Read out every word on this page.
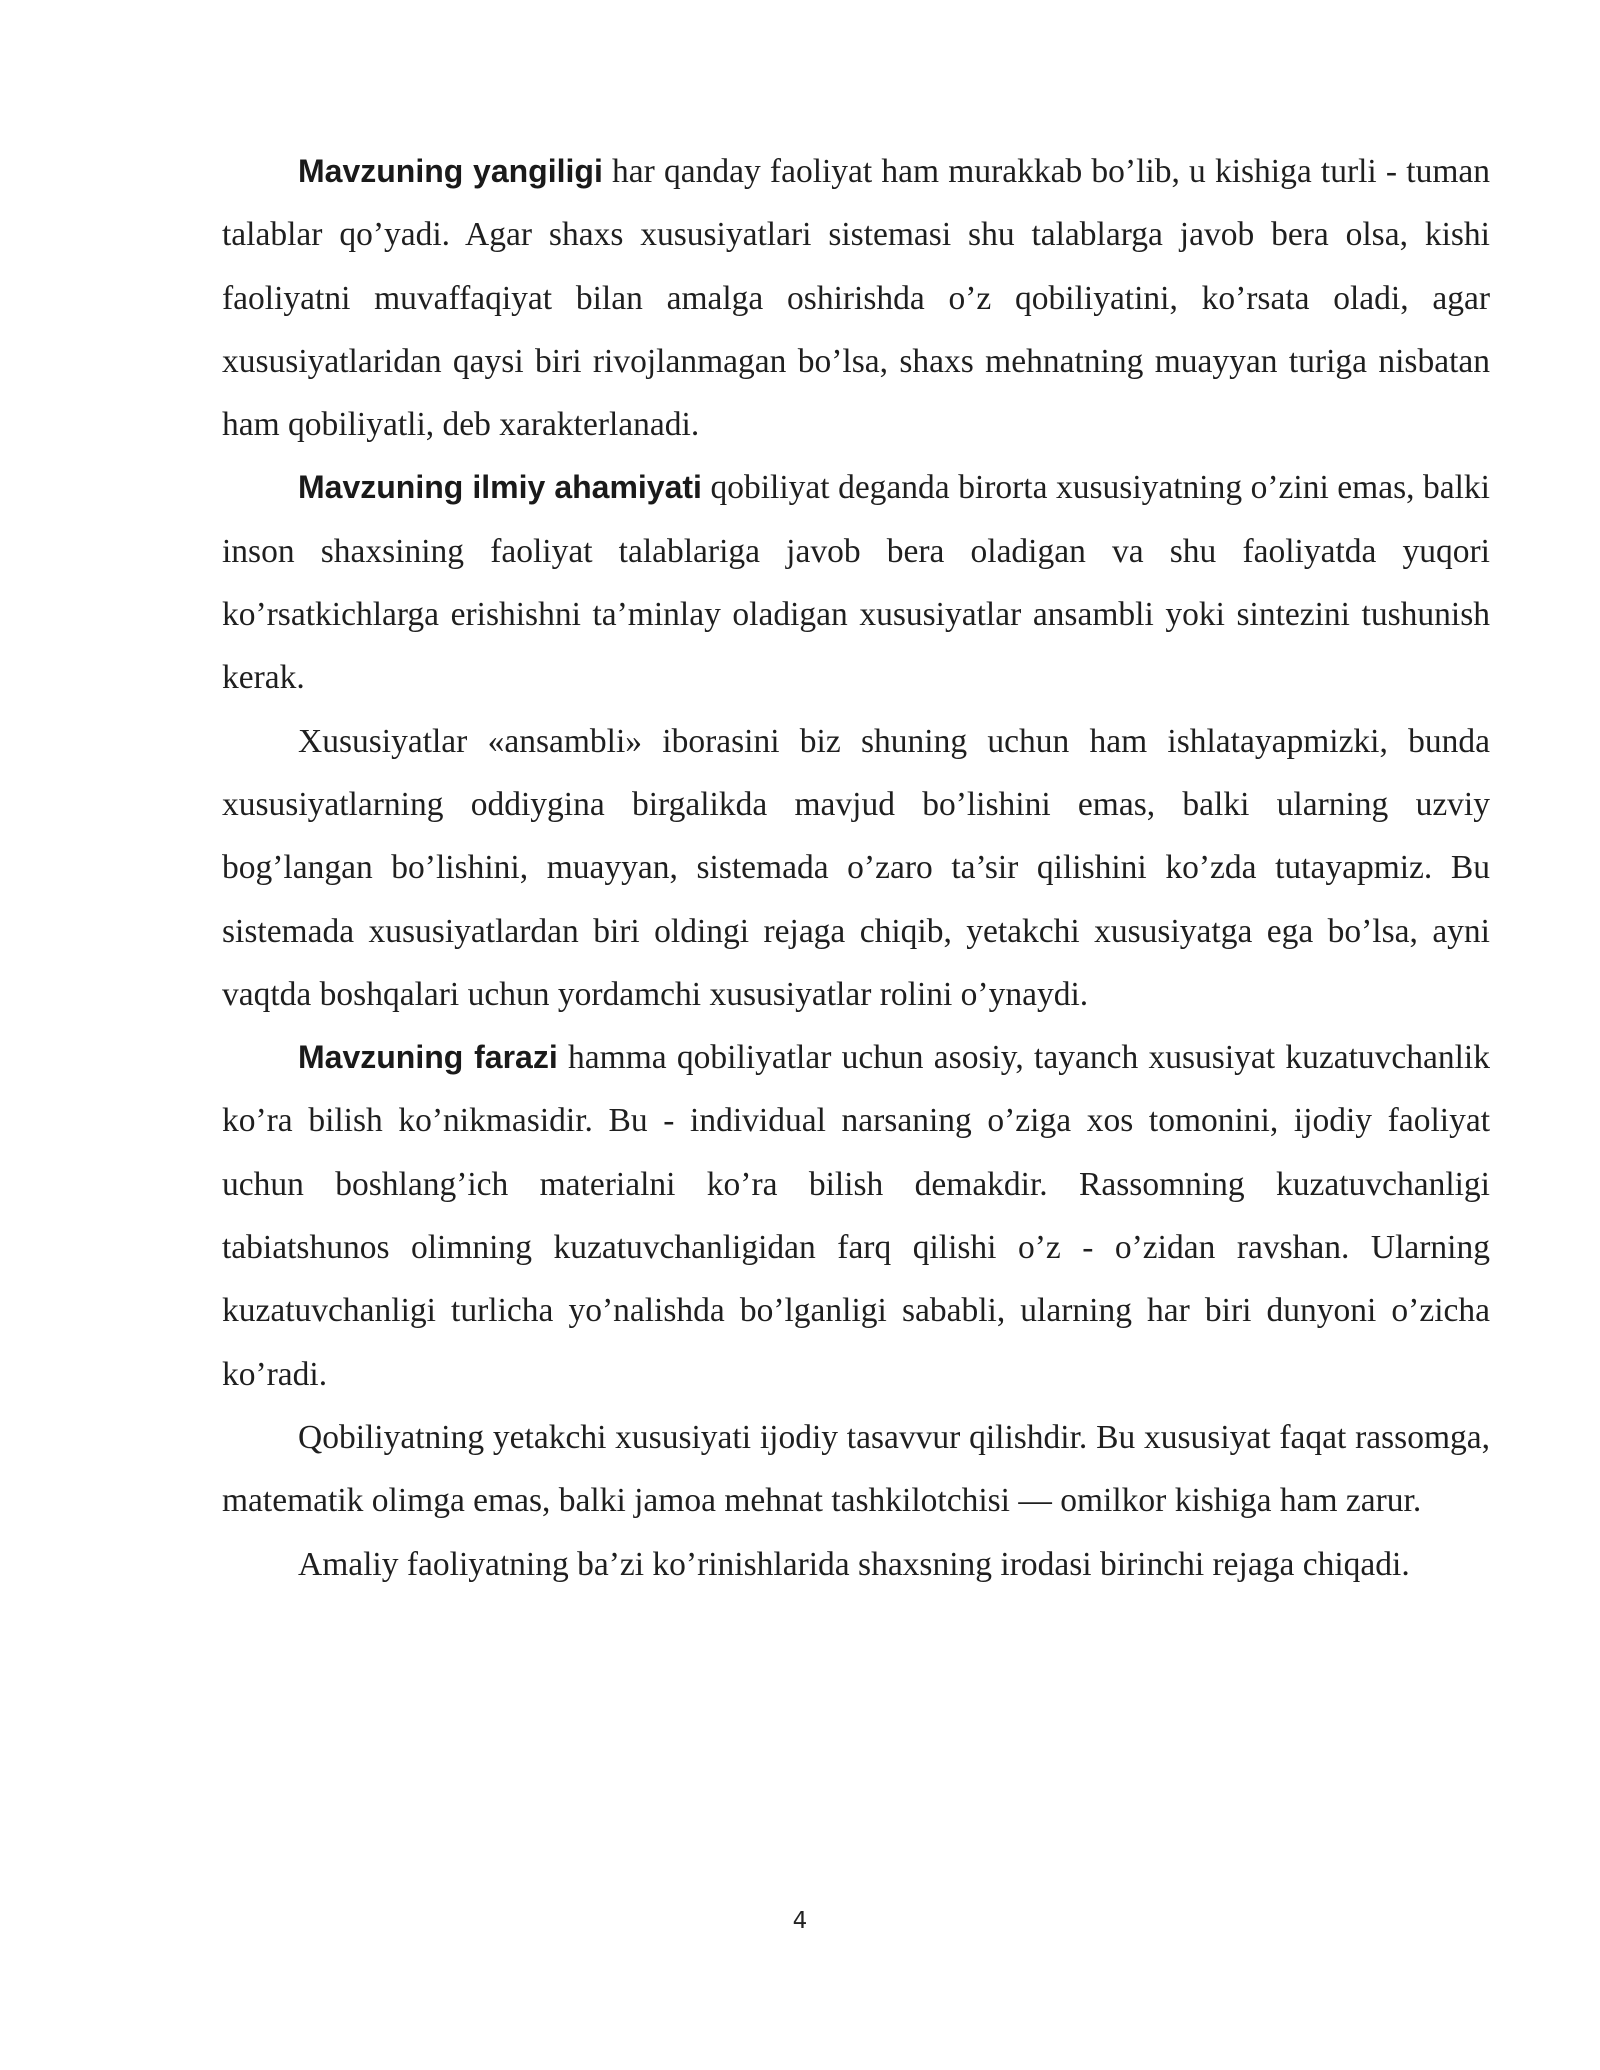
Mavzuning yangiligi har qanday faoliyat ham murakkab bo’lib, u kishiga turli - tuman talablar qo’yadi. Agar shaxs xususiyatlari sistemasi shu talablarga javob bera olsa, kishi faoliyatni muvaffaqiyat bilan amalga oshirishda o’z qobiliyatini, ko’rsata oladi, agar xususiyatlaridan qaysi biri rivojlanmagan bo’lsa, shaxs mehnatning muayyan turiga nisbatan ham qobiliyatli, deb xarakterlanadi.

Mavzuning ilmiy ahamiyati qobiliyat deganda birorta xususiyatning o’zini emas, balki inson shaxsining faoliyat talablariga javob bera oladigan va shu faoliyatda yuqori ko’rsatkichlarga erishishni ta’minlay oladigan xususiyatlar ansambli yoki sintezini tushunish kerak.

Xususiyatlar «ansambli» iborasini biz shuning uchun ham ishlatayapmizki, bunda xususiyatlarning oddiygina birgalikda mavjud bo’lishini emas, balki ularning uzviy bog’langan bo’lishini, muayyan, sistemada o’zaro ta’sir qilishini ko’zda tutayapmiz. Bu sistemada xususiyatlardan biri oldingi rejaga chiqib, yetakchi xususiyatga ega bo’lsa, ayni vaqtda boshqalari uchun yordamchi xususiyatlar rolini o’ynaydi.

Mavzuning farazi hamma qobiliyatlar uchun asosiy, tayanch xususiyat kuzatuvchanlik ko’ra bilish ko’nikmasidir. Bu - individual narsaning o’ziga xos tomonini, ijodiy faoliyat uchun boshlang’ich materialni ko’ra bilish demakdir. Rassomning kuzatuvchanligi tabiatshunos olimning kuzatuvchanligidan farq qilishi o’z - o’zidan ravshan. Ularning kuzatuvchanligi turlicha yo’nalishda bo’lganligi sababli, ularning har biri dunyoni o’zicha ko’radi.

Qobiliyatning yetakchi xususiyati ijodiy tasavvur qilishdir. Bu xususiyat faqat rassomga, matematik olimga emas, balki jamoa mehnat tashkilotchisi — omilkor kishiga ham zarur.

Amaliy faoliyatning ba’zi ko’rinishlarida shaxsning irodasi birinchi rejaga chiqadi.

4
